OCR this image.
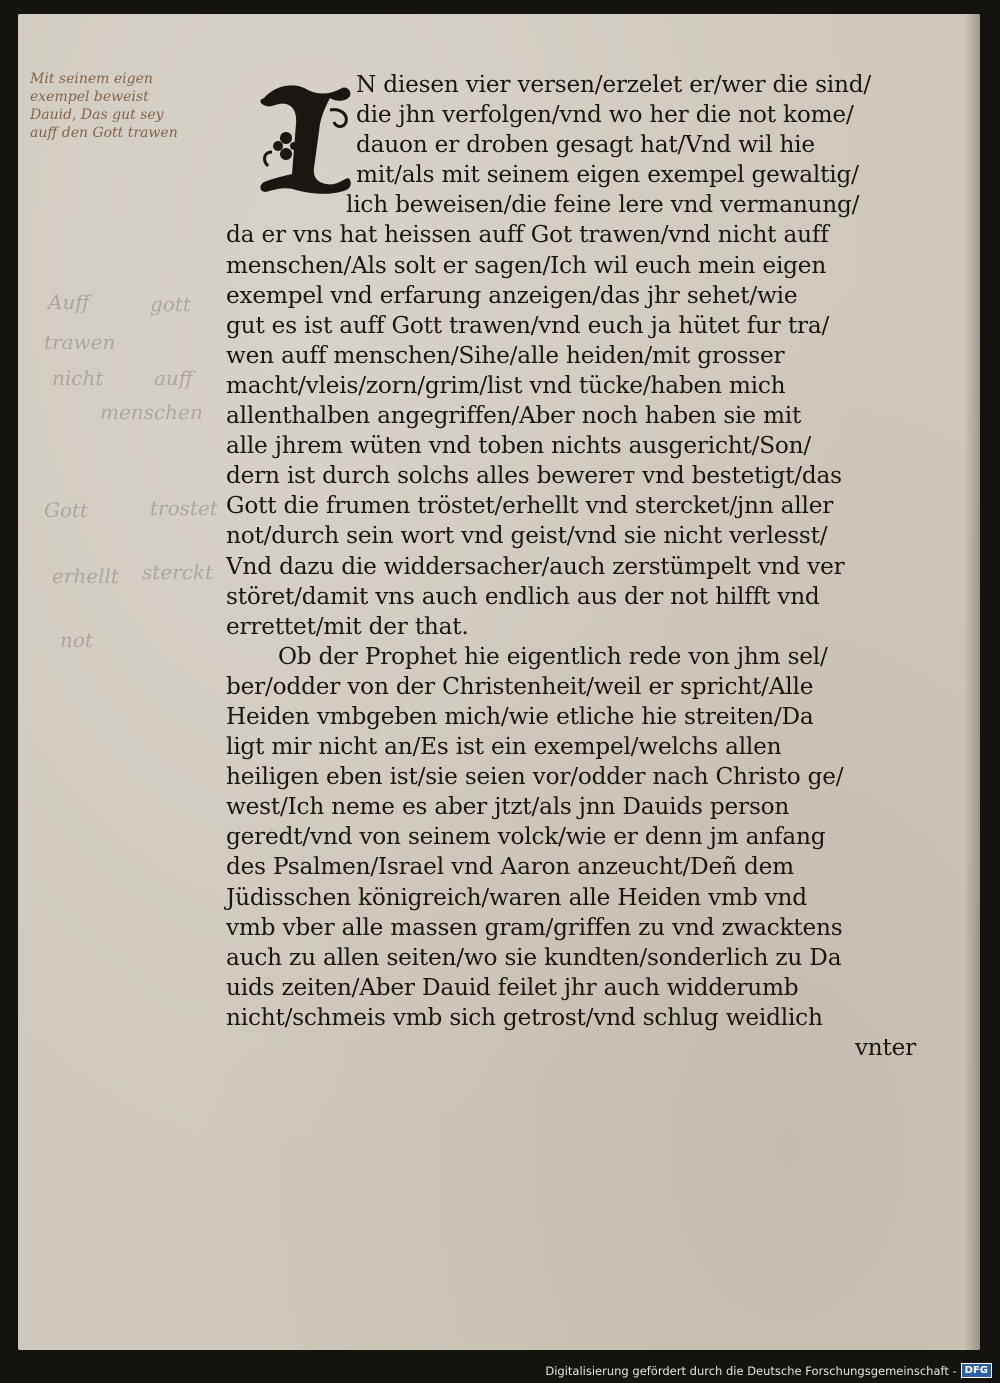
I
Mit seinem eigen
exempel beweist
Dauid, Das gut sey
auff den Gott trawen
Auff	gott
trawen
nicht	auff
menschen
Gott	trostet
erhellt sterckt
not
N diesen vier versen/erzelet er/wer die sind/
die jhn verfolgen/vnd wo her die not kome/
dauon er droben gesagt hat/Vnd wil hie
mit/als mit seinem eigen exempel gewaltig/
lich beweisen/die feine lere vnd vermanung/
da er vns hat heissen auff Got trawen/vnd nicht auff
menschen/Als solt er sagen/Ich wil euch mein eigen
exempel vnd erfarung anzeigen/das jhr sehet/wie
gut es ist auff Gott trawen/vnd euch ja hütet fur tra/
wen auff menschen/Sihe/alle heiden/mit grosser
macht/vleis/zorn/grim/list vnd tücke/haben mich
allenthalben angegriffen/Aber noch haben sie mit
alle jhrem wüten vnd toben nichts ausgericht/Son/
dern ist durch solchs alles bewerет vnd bestetigt/das
Gott die frumen tröstet/erhellt vnd stercket/jnn aller
not/durch sein wort vnd geist/vnd sie nicht verlesst/
Vnd dazu die widdersacher/auch zerstümpelt vnd ver
störet/damit vns auch endlich aus der not hilfft vnd
errettet/mit der that.
Ob der Prophet hie eigentlich rede von jhm sel/
ber/odder von der Christenheit/weil er spricht/Alle
Heiden vmbgeben mich/wie etliche hie streiten/Da
ligt mir nicht an/Es ist ein exempel/welchs allen
heiligen eben ist/sie seien vor/odder nach Christo ge/
west/Ich neme es aber jtzt/als jnn Dauids person
geredt/vnd von seinem volck/wie er denn jm anfang
des Psalmen/Israel vnd Aaron anzeucht/Deñ dem
Jüdisschen königreich/waren alle Heiden vmb vnd
vmb vber alle massen gram/griffen zu vnd zwacktens
auch zu allen seiten/wo sie kundten/sonderlich zu Da
uids zeiten/Aber Dauid feilet jhr auch widderumb
nicht/schmeis vmb sich getrost/vnd schlug weidlich
vnter
Digitalisierung gefördert durch die Deutsche Forschungsgemeinschaft - DFG
